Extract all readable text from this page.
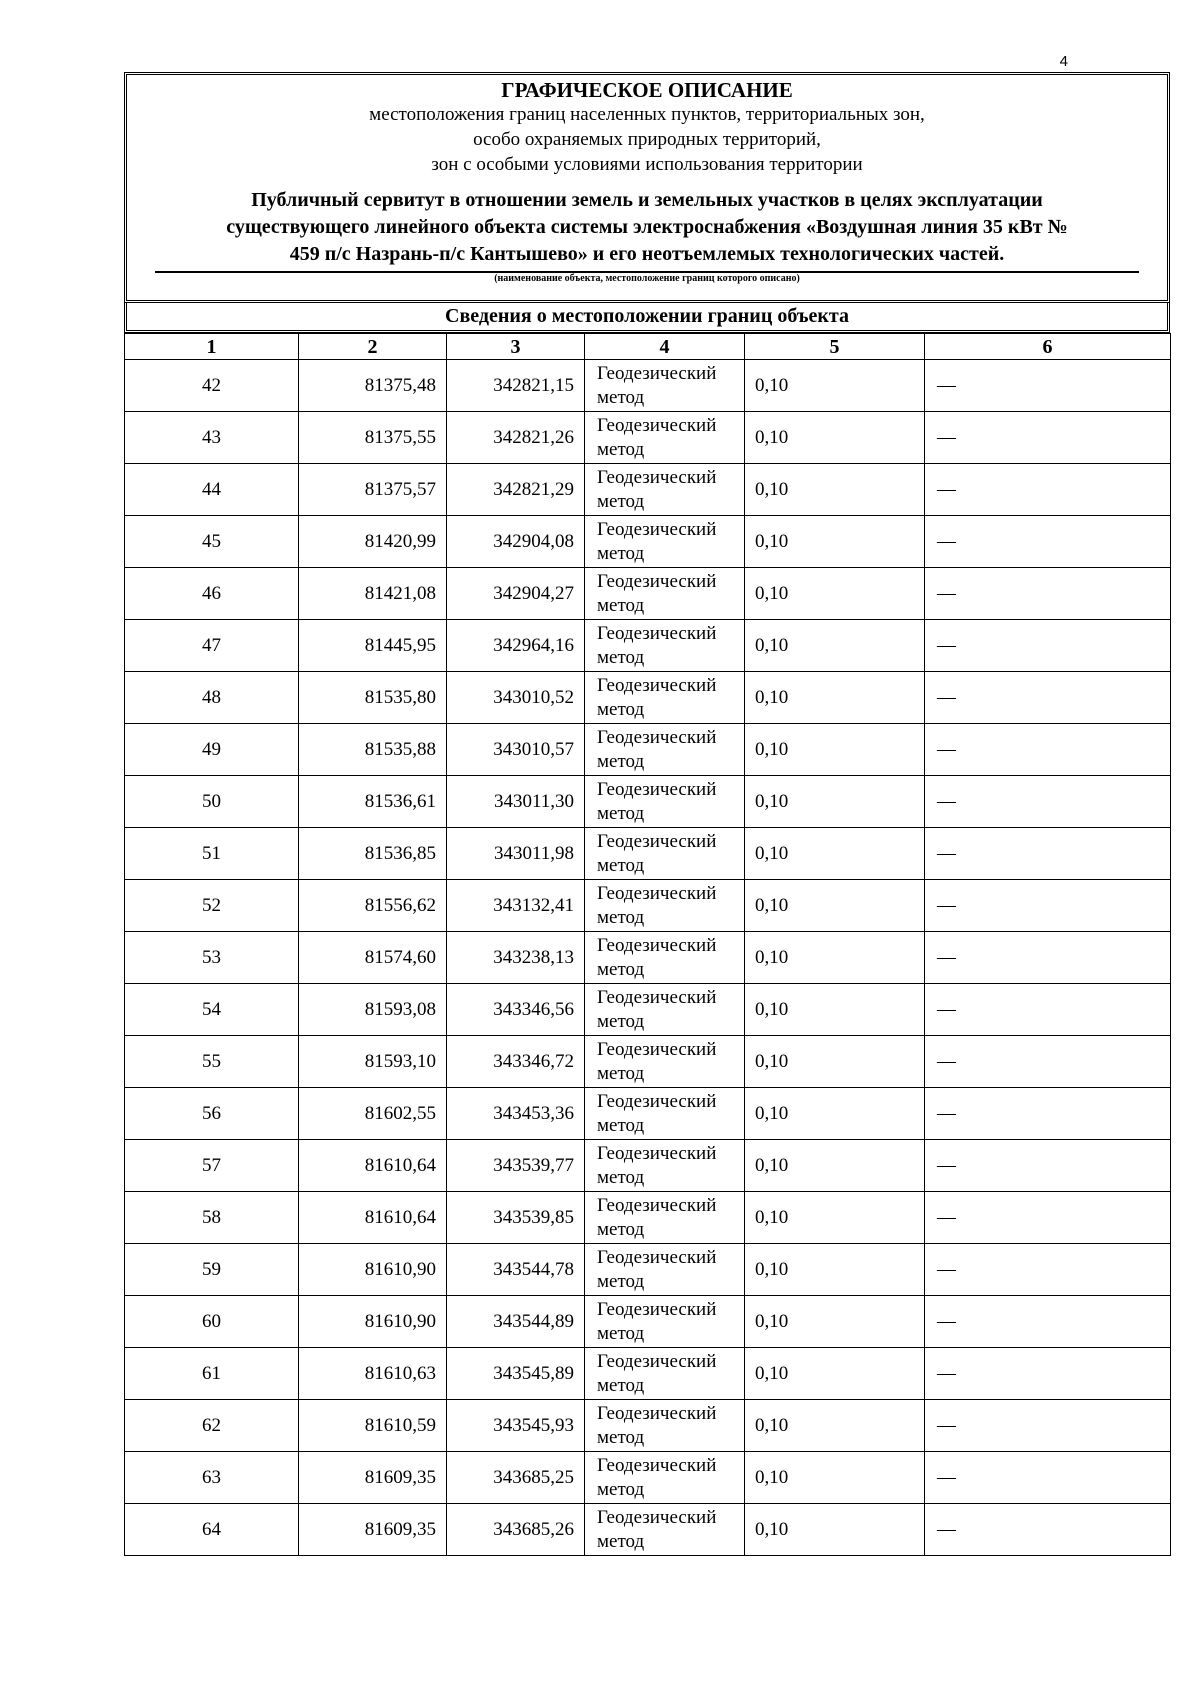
4
ГРАФИЧЕСКОЕ ОПИСАНИЕ
местоположения границ населенных пунктов, территориальных зон,
особо охраняемых природных территорий,
зон с особыми условиями использования территории
Публичный сервитут в отношении земель и земельных участков в целях эксплуатации
существующего линейного объекта системы электроснабжения «Воздушная линия 35 кВт №
459 п/с Назрань-п/с Кантышево» и его неотъемлемых технологических частей.
(наименование объекта, местоположение границ которого описано)
Сведения о местоположении границ объекта
1	2	3	4	5	6
42	81375,48	342821,15	Геодезический метод	0,10	—
43	81375,55	342821,26	Геодезический метод	0,10	—
44	81375,57	342821,29	Геодезический метод	0,10	—
45	81420,99	342904,08	Геодезический метод	0,10	—
46	81421,08	342904,27	Геодезический метод	0,10	—
47	81445,95	342964,16	Геодезический метод	0,10	—
48	81535,80	343010,52	Геодезический метод	0,10	—
49	81535,88	343010,57	Геодезический метод	0,10	—
50	81536,61	343011,30	Геодезический метод	0,10	—
51	81536,85	343011,98	Геодезический метод	0,10	—
52	81556,62	343132,41	Геодезический метод	0,10	—
53	81574,60	343238,13	Геодезический метод	0,10	—
54	81593,08	343346,56	Геодезический метод	0,10	—
55	81593,10	343346,72	Геодезический метод	0,10	—
56	81602,55	343453,36	Геодезический метод	0,10	—
57	81610,64	343539,77	Геодезический метод	0,10	—
58	81610,64	343539,85	Геодезический метод	0,10	—
59	81610,90	343544,78	Геодезический метод	0,10	—
60	81610,90	343544,89	Геодезический метод	0,10	—
61	81610,63	343545,89	Геодезический метод	0,10	—
62	81610,59	343545,93	Геодезический метод	0,10	—
63	81609,35	343685,25	Геодезический метод	0,10	—
64	81609,35	343685,26	Геодезический метод	0,10	—
